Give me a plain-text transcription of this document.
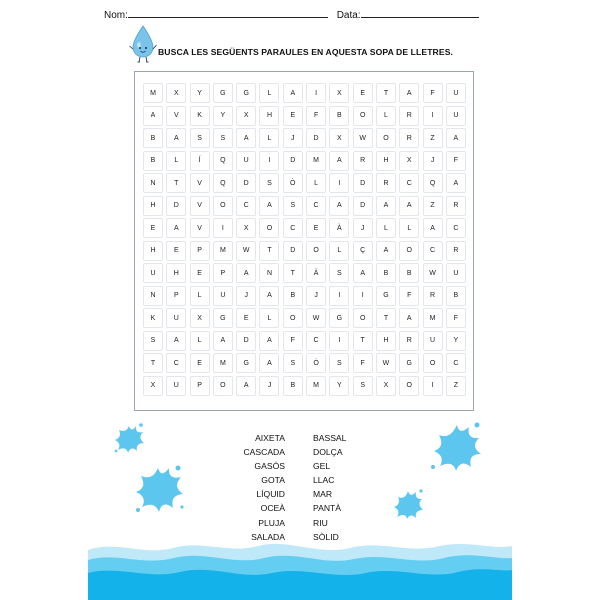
Nom:	Data:
BUSCA LES SEGÜENTS PARAULES EN AQUESTA SOPA DE LLETRES.
M	X	Y	G	G	L	A	I	X	E	T	A	F	U
A	V	K	Y	X	H	E	F	B	O	L	R	I	U
B	A	S	S	A	L	J	D	X	W	O	R	Z	A
B	L	Í	Q	U	I	D	M	A	R	H	X	J	F
N	T	V	Q	D	S	Ò	L	I	D	R	C	Q	A
H	D	V	O	C	A	S	C	A	D	A	A	Z	R
E	A	V	I	X	O	C	E	À	J	L	L	A	C
H	E	P	M	W	T	D	O	L	Ç	A	O	C	R
U	H	E	P	A	N	T	À	S	A	B	B	W	U
N	P	L	U	J	A	B	J	I	I	G	F	R	B
K	U	X	G	E	L	O	W	G	O	T	A	M	F
S	A	L	A	D	A	F	C	I	T	H	R	U	Y
T	C	E	M	G	A	S	Ó	S	F	W	G	O	C
X	U	P	O	A	J	B	M	Y	S	X	O	I	Z
AIXETA
CASCADA
GASÓS
GOTA
LÍQUID
OCEÀ
PLUJA
SALADA
BASSAL
DOLÇA
GEL
LLAC
MAR
PANTÀ
RIU
SÒLID
